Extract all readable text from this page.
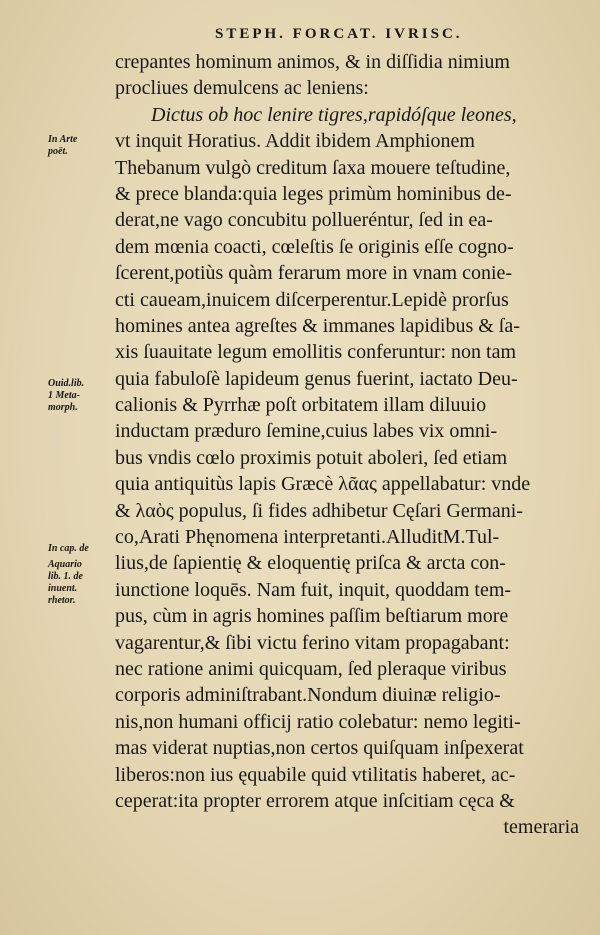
STEPH. FORCAT. IVRISC.
crepantes hominum animos, & in diſſidia nimium
procliues demulcens ac leniens:
Dictus ob hoc lenire tigres,rapidóſque leones,
vt inquit Horatius. Addit ibidem Amphionem
Thebanum vulgò creditum ſaxa mouere teſtudine,
& prece blanda:quia leges primùm hominibus de-
derat,ne vago concubitu pollueréntur, ſed in ea-
dem mœnia coacti, cœleſtis ſe originis eſſe cogno-
ſcerent,potiùs quàm ferarum more in vnam conie-
cti caueam,inuicem diſcerperentur.Lepidè prorſus
homines antea agreſtes & immanes lapidibus & ſa-
xis ſuauitate legum emollitis conferuntur: non tam
quia fabuloſè lapideum genus fuerint, iactato Deu-
calionis & Pyrrhæ poſt orbitatem illam diluuio
inductam præduro ſemine,cuius labes vix omni-
bus vndis cœlo proximis potuit aboleri, ſed etiam
quia antiquitùs lapis Græcè λᾶας appellabatur: vnde
& λαὸς populus, ſi fides adhibetur Cęſari Germani-
co,Arati Phęnomena interpretanti.AlluditM.Tul-
lius,de ſapientię & eloquentię priſca & arcta con-
iunctione loquēs. Nam fuit, inquit, quoddam tem-
pus, cùm in agris homines paſſim beſtiarum more
vagarentur,& ſibi victu ferino vitam propagabant:
nec ratione animi quicquam, ſed pleraque viribus
corporis adminiſtrabant.Nondum diuinæ religio-
nis,non humani officij ratio colebatur: nemo legiti-
mas viderat nuptias,non certos quiſquam inſpexerat
liberos:non ius ęquabile quid vtilitatis haberet, ac-
ceperat:ita propter errorem atque inſcitiam cęca &
temeraria
In Arte
poët.
Ouid.lib.
1 Meta-
morph.
In cap. de
Aquario
lib. 1. de
inuent.
rhetor.
